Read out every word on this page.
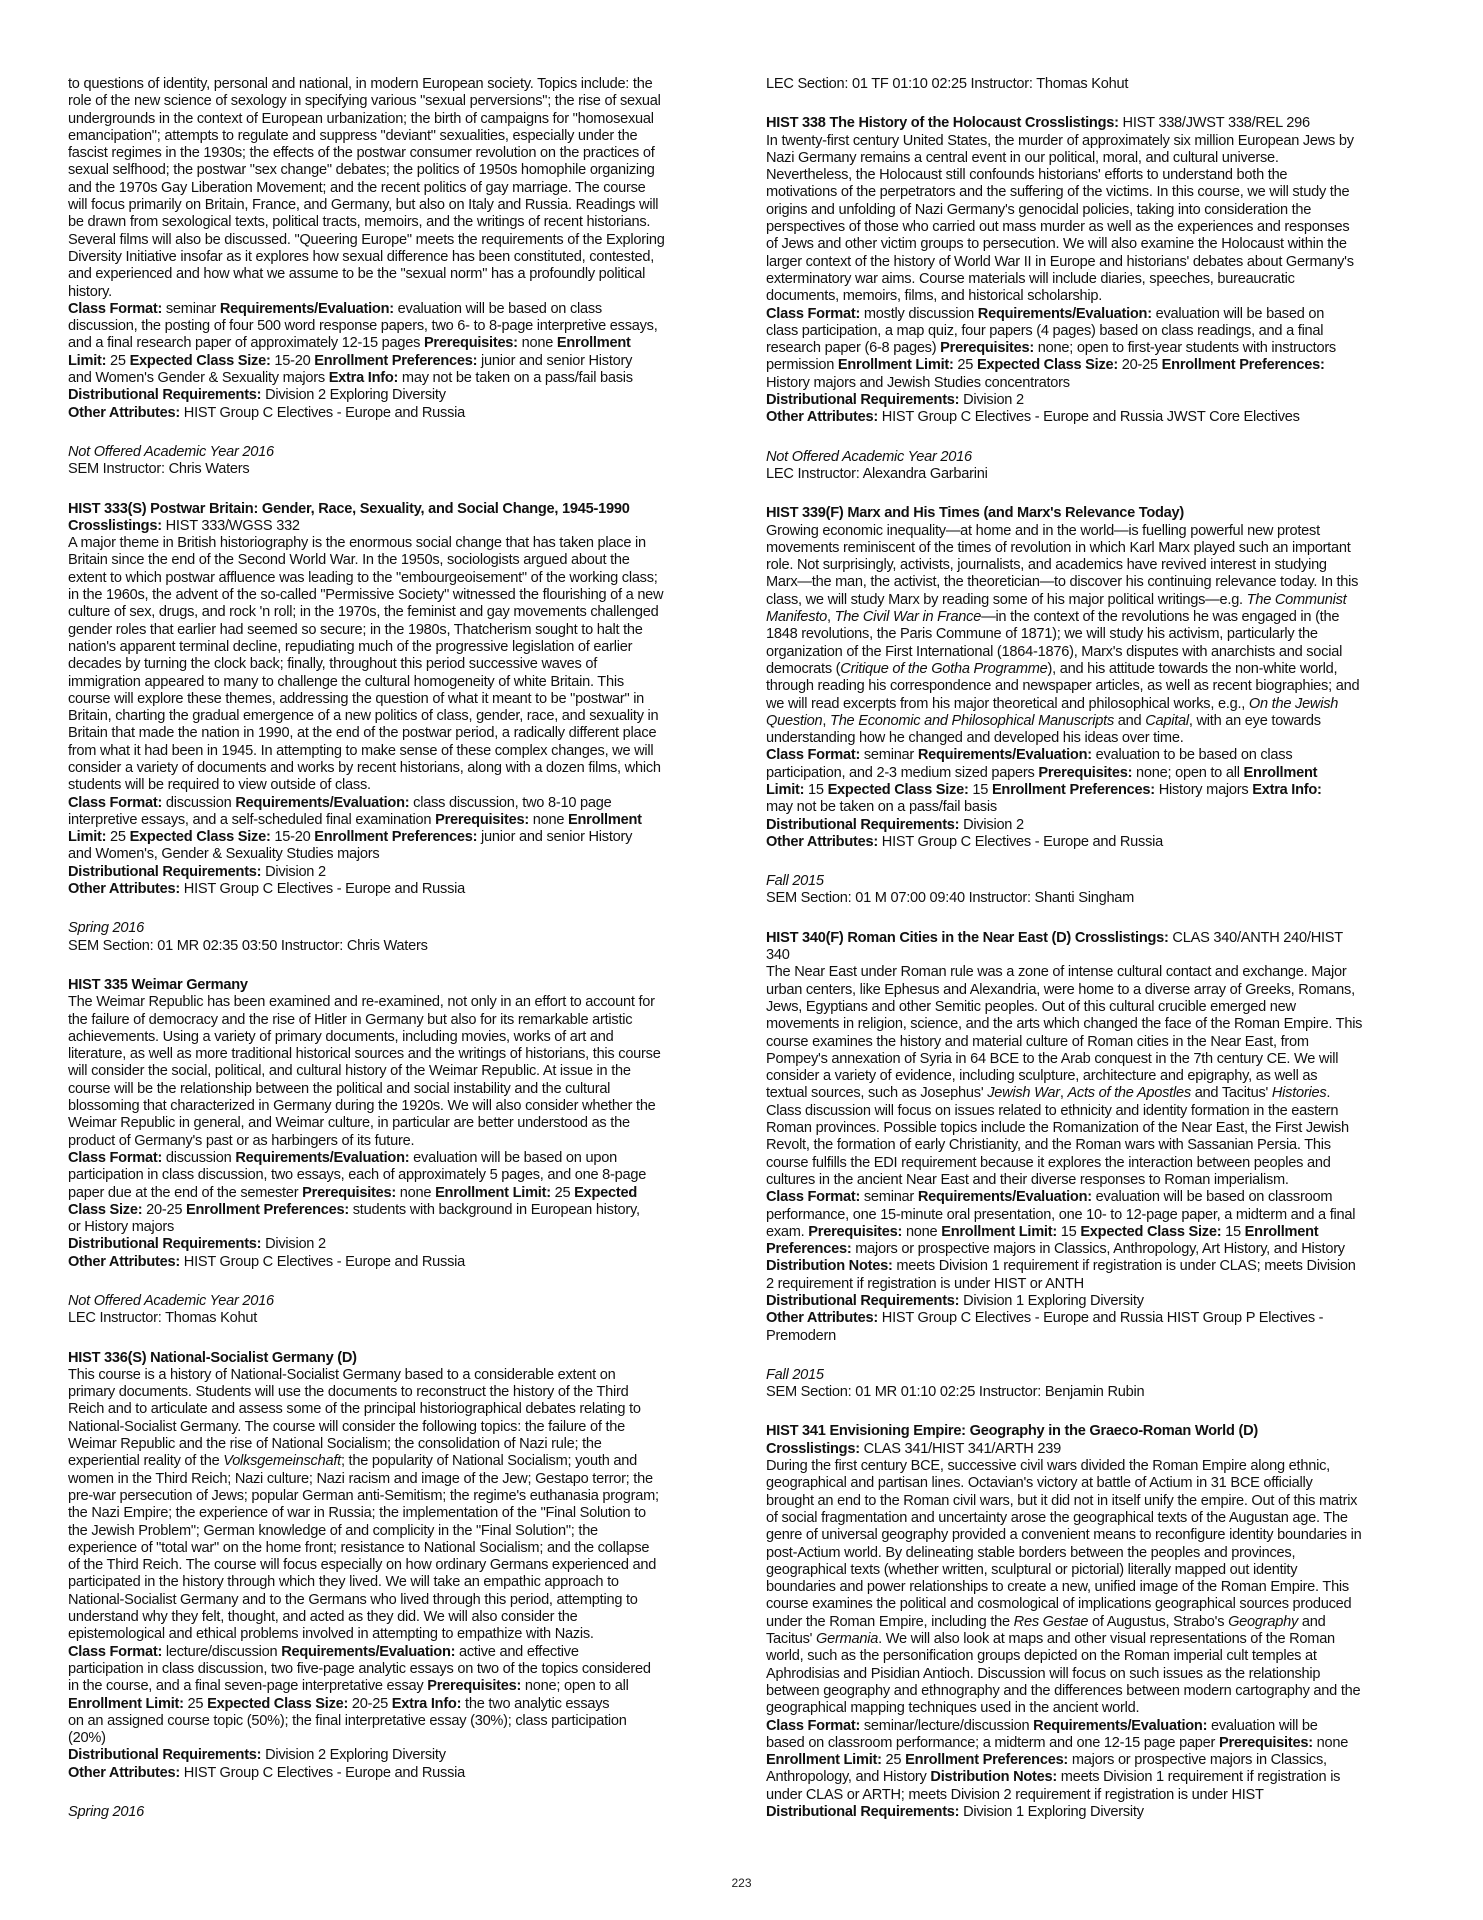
to questions of identity, personal and national, in modern European society. Topics include: the
role of the new science of sexology in specifying various "sexual perversions"; the rise of sexual
undergrounds in the context of European urbanization; the birth of campaigns for "homosexual
emancipation"; attempts to regulate and suppress "deviant" sexualities, especially under the
fascist regimes in the 1930s; the effects of the postwar consumer revolution on the practices of
sexual selfhood; the postwar "sex change" debates; the politics of 1950s homophile organizing
and the 1970s Gay Liberation Movement; and the recent politics of gay marriage. The course
will focus primarily on Britain, France, and Germany, but also on Italy and Russia. Readings will
be drawn from sexological texts, political tracts, memoirs, and the writings of recent historians.
Several films will also be discussed. "Queering Europe" meets the requirements of the Exploring
Diversity Initiative insofar as it explores how sexual difference has been constituted, contested,
and experienced and how what we assume to be the "sexual norm" has a profoundly political
history.
Class Format: seminar Requirements/Evaluation: evaluation will be based on class
discussion, the posting of four 500 word response papers, two 6- to 8-page interpretive essays,
and a final research paper of approximately 12-15 pages Prerequisites: none Enrollment
Limit: 25 Expected Class Size: 15-20 Enrollment Preferences: junior and senior History
and Women's Gender & Sexuality majors Extra Info: may not be taken on a pass/fail basis
Distributional Requirements: Division 2 Exploring Diversity
Other Attributes: HIST Group C Electives - Europe and Russia
Not Offered Academic Year 2016
SEM Instructor: Chris Waters
HIST 333(S) Postwar Britain: Gender, Race, Sexuality, and Social Change, 1945-1990
Crosslistings: HIST 333/WGSS 332
A major theme in British historiography is the enormous social change that has taken place in
Britain since the end of the Second World War. In the 1950s, sociologists argued about the
extent to which postwar affluence was leading to the "embourgeoisement" of the working class;
in the 1960s, the advent of the so-called "Permissive Society" witnessed the flourishing of a new
culture of sex, drugs, and rock 'n roll; in the 1970s, the feminist and gay movements challenged
gender roles that earlier had seemed so secure; in the 1980s, Thatcherism sought to halt the
nation's apparent terminal decline, repudiating much of the progressive legislation of earlier
decades by turning the clock back; finally, throughout this period successive waves of
immigration appeared to many to challenge the cultural homogeneity of white Britain. This
course will explore these themes, addressing the question of what it meant to be "postwar" in
Britain, charting the gradual emergence of a new politics of class, gender, race, and sexuality in
Britain that made the nation in 1990, at the end of the postwar period, a radically different place
from what it had been in 1945. In attempting to make sense of these complex changes, we will
consider a variety of documents and works by recent historians, along with a dozen films, which
students will be required to view outside of class.
Class Format: discussion Requirements/Evaluation: class discussion, two 8-10 page
interpretive essays, and a self-scheduled final examination Prerequisites: none Enrollment
Limit: 25 Expected Class Size: 15-20 Enrollment Preferences: junior and senior History
and Women's, Gender & Sexuality Studies majors
Distributional Requirements: Division 2
Other Attributes: HIST Group C Electives - Europe and Russia
Spring 2016
SEM Section: 01 MR 02:35 03:50 Instructor: Chris Waters
HIST 335 Weimar Germany
The Weimar Republic has been examined and re-examined, not only in an effort to account for
the failure of democracy and the rise of Hitler in Germany but also for its remarkable artistic
achievements. Using a variety of primary documents, including movies, works of art and
literature, as well as more traditional historical sources and the writings of historians, this course
will consider the social, political, and cultural history of the Weimar Republic. At issue in the
course will be the relationship between the political and social instability and the cultural
blossoming that characterized in Germany during the 1920s. We will also consider whether the
Weimar Republic in general, and Weimar culture, in particular are better understood as the
product of Germany's past or as harbingers of its future.
Class Format: discussion Requirements/Evaluation: evaluation will be based on upon
participation in class discussion, two essays, each of approximately 5 pages, and one 8-page
paper due at the end of the semester Prerequisites: none Enrollment Limit: 25 Expected
Class Size: 20-25 Enrollment Preferences: students with background in European history,
or History majors
Distributional Requirements: Division 2
Other Attributes: HIST Group C Electives - Europe and Russia
Not Offered Academic Year 2016
LEC Instructor: Thomas Kohut
HIST 336(S) National-Socialist Germany (D)
This course is a history of National-Socialist Germany based to a considerable extent on
primary documents. Students will use the documents to reconstruct the history of the Third
Reich and to articulate and assess some of the principal historiographical debates relating to
National-Socialist Germany. The course will consider the following topics: the failure of the
Weimar Republic and the rise of National Socialism; the consolidation of Nazi rule; the
experiential reality of the Volksgemeinschaft; the popularity of National Socialism; youth and
women in the Third Reich; Nazi culture; Nazi racism and image of the Jew; Gestapo terror; the
pre-war persecution of Jews; popular German anti-Semitism; the regime's euthanasia program;
the Nazi Empire; the experience of war in Russia; the implementation of the "Final Solution to
the Jewish Problem"; German knowledge of and complicity in the "Final Solution"; the
experience of "total war" on the home front; resistance to National Socialism; and the collapse
of the Third Reich. The course will focus especially on how ordinary Germans experienced and
participated in the history through which they lived. We will take an empathic approach to
National-Socialist Germany and to the Germans who lived through this period, attempting to
understand why they felt, thought, and acted as they did. We will also consider the
epistemological and ethical problems involved in attempting to empathize with Nazis.
Class Format: lecture/discussion Requirements/Evaluation: active and effective
participation in class discussion, two five-page analytic essays on two of the topics considered
in the course, and a final seven-page interpretative essay Prerequisites: none; open to all
Enrollment Limit: 25 Expected Class Size: 20-25 Extra Info: the two analytic essays
on an assigned course topic (50%); the final interpretative essay (30%); class participation
(20%)
Distributional Requirements: Division 2 Exploring Diversity
Other Attributes: HIST Group C Electives - Europe and Russia
Spring 2016
LEC Section: 01 TF 01:10 02:25 Instructor: Thomas Kohut
HIST 338 The History of the Holocaust Crosslistings: HIST 338/JWST 338/REL 296
In twenty-first century United States, the murder of approximately six million European Jews by
Nazi Germany remains a central event in our political, moral, and cultural universe.
Nevertheless, the Holocaust still confounds historians' efforts to understand both the
motivations of the perpetrators and the suffering of the victims. In this course, we will study the
origins and unfolding of Nazi Germany's genocidal policies, taking into consideration the
perspectives of those who carried out mass murder as well as the experiences and responses
of Jews and other victim groups to persecution. We will also examine the Holocaust within the
larger context of the history of World War II in Europe and historians' debates about Germany's
exterminatory war aims. Course materials will include diaries, speeches, bureaucratic
documents, memoirs, films, and historical scholarship.
Class Format: mostly discussion Requirements/Evaluation: evaluation will be based on
class participation, a map quiz, four papers (4 pages) based on class readings, and a final
research paper (6-8 pages) Prerequisites: none; open to first-year students with instructors
permission Enrollment Limit: 25 Expected Class Size: 20-25 Enrollment Preferences:
History majors and Jewish Studies concentrators
Distributional Requirements: Division 2
Other Attributes: HIST Group C Electives - Europe and Russia JWST Core Electives
Not Offered Academic Year 2016
LEC Instructor: Alexandra Garbarini
HIST 339(F) Marx and His Times (and Marx's Relevance Today)
Growing economic inequality—at home and in the world—is fuelling powerful new protest
movements reminiscent of the times of revolution in which Karl Marx played such an important
role. Not surprisingly, activists, journalists, and academics have revived interest in studying
Marx—the man, the activist, the theoretician—to discover his continuing relevance today. In this
class, we will study Marx by reading some of his major political writings—e.g. The Communist
Manifesto, The Civil War in France—in the context of the revolutions he was engaged in (the
1848 revolutions, the Paris Commune of 1871); we will study his activism, particularly the
organization of the First International (1864-1876), Marx's disputes with anarchists and social
democrats (Critique of the Gotha Programme), and his attitude towards the non-white world,
through reading his correspondence and newspaper articles, as well as recent biographies; and
we will read excerpts from his major theoretical and philosophical works, e.g., On the Jewish
Question, The Economic and Philosophical Manuscripts and Capital, with an eye towards
understanding how he changed and developed his ideas over time.
Class Format: seminar Requirements/Evaluation: evaluation to be based on class
participation, and 2-3 medium sized papers Prerequisites: none; open to all Enrollment
Limit: 15 Expected Class Size: 15 Enrollment Preferences: History majors Extra Info:
may not be taken on a pass/fail basis
Distributional Requirements: Division 2
Other Attributes: HIST Group C Electives - Europe and Russia
Fall 2015
SEM Section: 01 M 07:00 09:40 Instructor: Shanti Singham
HIST 340(F) Roman Cities in the Near East (D) Crosslistings: CLAS 340/ANTH 240/HIST
340
The Near East under Roman rule was a zone of intense cultural contact and exchange. Major
urban centers, like Ephesus and Alexandria, were home to a diverse array of Greeks, Romans,
Jews, Egyptians and other Semitic peoples. Out of this cultural crucible emerged new
movements in religion, science, and the arts which changed the face of the Roman Empire. This
course examines the history and material culture of Roman cities in the Near East, from
Pompey's annexation of Syria in 64 BCE to the Arab conquest in the 7th century CE. We will
consider a variety of evidence, including sculpture, architecture and epigraphy, as well as
textual sources, such as Josephus' Jewish War, Acts of the Apostles and Tacitus' Histories.
Class discussion will focus on issues related to ethnicity and identity formation in the eastern
Roman provinces. Possible topics include the Romanization of the Near East, the First Jewish
Revolt, the formation of early Christianity, and the Roman wars with Sassanian Persia. This
course fulfills the EDI requirement because it explores the interaction between peoples and
cultures in the ancient Near East and their diverse responses to Roman imperialism.
Class Format: seminar Requirements/Evaluation: evaluation will be based on classroom
performance, one 15-minute oral presentation, one 10- to 12-page paper, a midterm and a final
exam. Prerequisites: none Enrollment Limit: 15 Expected Class Size: 15 Enrollment
Preferences: majors or prospective majors in Classics, Anthropology, Art History, and History
Distribution Notes: meets Division 1 requirement if registration is under CLAS; meets Division
2 requirement if registration is under HIST or ANTH
Distributional Requirements: Division 1 Exploring Diversity
Other Attributes: HIST Group C Electives - Europe and Russia HIST Group P Electives -
Premodern
Fall 2015
SEM Section: 01 MR 01:10 02:25 Instructor: Benjamin Rubin
HIST 341 Envisioning Empire: Geography in the Graeco-Roman World (D)
Crosslistings: CLAS 341/HIST 341/ARTH 239
During the first century BCE, successive civil wars divided the Roman Empire along ethnic,
geographical and partisan lines. Octavian's victory at battle of Actium in 31 BCE officially
brought an end to the Roman civil wars, but it did not in itself unify the empire. Out of this matrix
of social fragmentation and uncertainty arose the geographical texts of the Augustan age. The
genre of universal geography provided a convenient means to reconfigure identity boundaries in
post-Actium world. By delineating stable borders between the peoples and provinces,
geographical texts (whether written, sculptural or pictorial) literally mapped out identity
boundaries and power relationships to create a new, unified image of the Roman Empire. This
course examines the political and cosmological of implications geographical sources produced
under the Roman Empire, including the Res Gestae of Augustus, Strabo's Geography and
Tacitus' Germania. We will also look at maps and other visual representations of the Roman
world, such as the personification groups depicted on the Roman imperial cult temples at
Aphrodisias and Pisidian Antioch. Discussion will focus on such issues as the relationship
between geography and ethnography and the differences between modern cartography and the
geographical mapping techniques used in the ancient world.
Class Format: seminar/lecture/discussion Requirements/Evaluation: evaluation will be
based on classroom performance; a midterm and one 12-15 page paper Prerequisites: none
Enrollment Limit: 25 Enrollment Preferences: majors or prospective majors in Classics,
Anthropology, and History Distribution Notes: meets Division 1 requirement if registration is
under CLAS or ARTH; meets Division 2 requirement if registration is under HIST
Distributional Requirements: Division 1 Exploring Diversity
223
